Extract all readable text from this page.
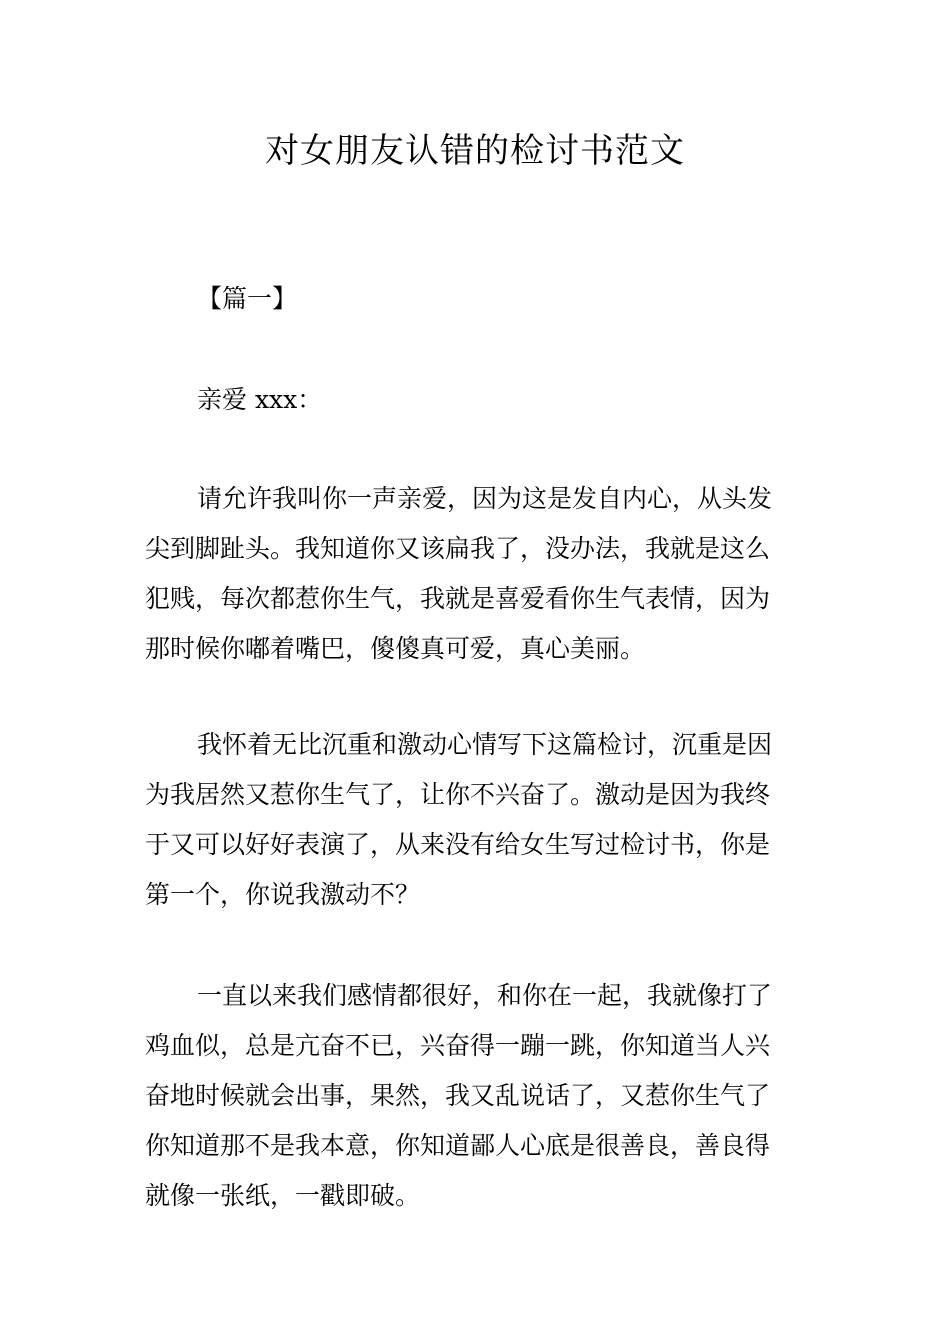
对女朋友认错的检讨书范文
【篇一】
亲爱 xxx：
请允许我叫你一声亲爱，因为这是发自内心，从头发
尖到脚趾头。我知道你又该扁我了，没办法，我就是这么
犯贱，每次都惹你生气，我就是喜爱看你生气表情，因为
那时候你嘟着嘴巴，傻傻真可爱，真心美丽。
我怀着无比沉重和激动心情写下这篇检讨，沉重是因
为我居然又惹你生气了，让你不兴奋了。激动是因为我终
于又可以好好表演了，从来没有给女生写过检讨书，你是
第一个，你说我激动不？
一直以来我们感情都很好，和你在一起，我就像打了
鸡血似，总是亢奋不已，兴奋得一蹦一跳，你知道当人兴
奋地时候就会出事，果然，我又乱说话了，又惹你生气了
你知道那不是我本意，你知道鄙人心底是很善良，善良得
就像一张纸，一戳即破。
